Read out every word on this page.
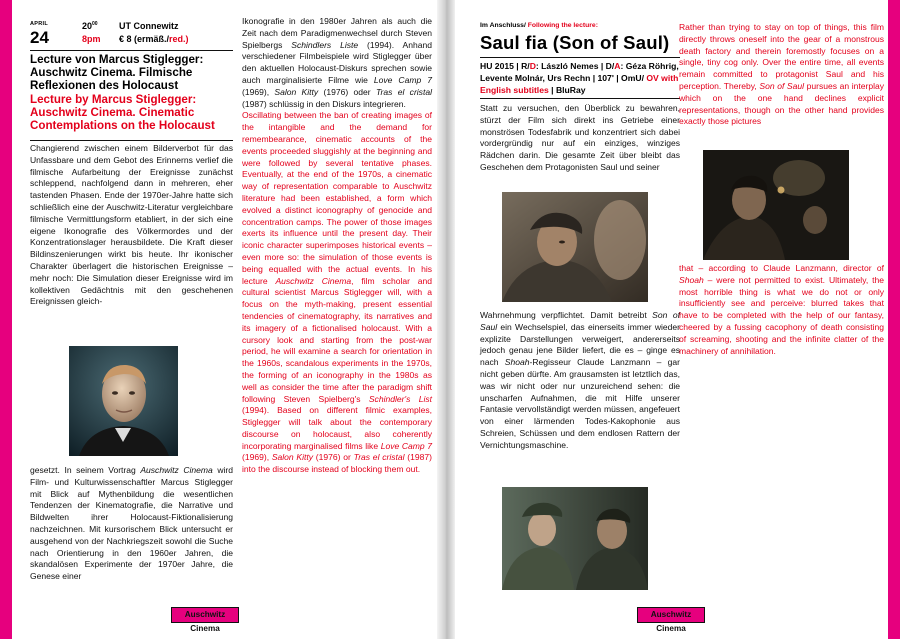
APRIL
24
$20^{00}$
8pm
UT Connewitz
€ 8 (ermäß./red.)
Lecture von Marcus Stiglegger: Auschwitz Cinema. Filmische Reflexionen des Holocaust
Lecture by Marcus Stiglegger: Auschwitz Cinema. Cinematic Contemplations on the Holocaust

Changierend zwischen einem Bilderverbot für das Unfassbare und dem Gebot des Erinnerns verlief die filmische Aufarbeitung der Ereignisse zunächst schleppend, nachfolgend dann in mehreren, eher tastenden Phasen. Ende der 1970er-Jahre hatte sich schließlich eine der Auschwitz-Literatur vergleichbare filmische Vermittlungsform etabliert, in der sich eine eigene Ikonografie des Völkermordes und der Konzentrationslager herausbildete. Die Kraft dieser Bildinszenierungen wirkt bis heute. Ihr ikonischer Charakter überlagert die historischen Ereignisse – mehr noch: Die Simulation dieser Ereignisse wird im kollektiven Gedächtnis mit den geschehenen Ereignissen gleich-

gesetzt. In seinem Vortrag Auschwitz Cinema wird Film- und Kulturwissenschaftler Marcus Stiglegger mit Blick auf Mythenbildung die wesentlichen Tendenzen der Kinematografie, die Narrative und Bildwelten ihrer Holocaust-Fiktionalisierung nachzeichnen. Mit kursorischem Blick untersucht er ausgehend von der Nachkriegszeit sowohl die Suche nach Orientierung in den 1960er Jahren, die skandalösen Experimente der 1970er Jahre, die Genese einer

Ikonografie in den 1980er Jahren als auch die Zeit nach dem Paradigmenwechsel durch Steven Spielbergs Schindlers Liste (1994). Anhand verschiedener Filmbeispiele wird Stiglegger über den aktuellen Holocaust-Diskurs sprechen sowie auch marginalisierte Filme wie Love Camp 7 (1969), Salon Kitty (1976) oder Tras el cristal (1987) schlüssig in den Diskurs integrieren.

Oscillating between the ban of creating images of the intangible and the demand for remembearance, cinematic accounts of the events proceeded sluggishly at the beginning and were followed by several tentative phases. Eventually, at the end of the 1970s, a cinematic way of representation comparable to Auschwitz literature had been established, a form which evolved a distinct iconography of genocide and concentration camps. The power of those images exerts its influence until the present day. Their iconic character superimposes historical events – even more so: the simulation of those events is being equalled with the actual events. In his lecture Auschwitz Cinema, film scholar and cultural scientist Marcus Stiglegger will, with a focus on the myth-making, present essential tendencies of cinematography, its narratives and its imagery of a fictionalised holocaust. With a cursory look and starting from the post-war period, he will examine a search for orientation in the 1960s, scandalous experiments in the 1970s, the forming of an iconography in the 1980s as well as consider the time after the paradigm shift following Steven Spielberg's Schindler's List (1994). Based on different filmic examples, Stiglegger will talk about the contemporary discourse on holocaust, also coherently incorporating marginalised films like Love Camp 7 (1969), Salon Kitty (1976) or Tras el cristal (1987) into the discourse instead of blocking them out.

Auschwitz Cinema
Im Anschluss/ Following the lecture:
Saul fia (Son of Saul)
HU 2015 | R/D: László Nemes | D/A: Géza Röhrig, Levente Molnár, Urs Rechn | 107' | OmU/ OV with English subtitles | BluRay

Statt zu versuchen, den Überblick zu bewahren, stürzt der Film sich direkt ins Getriebe einer monströsen Todesfabrik und konzentriert sich dabei vordergründig nur auf ein einziges, winziges Rädchen darin. Die gesamte Zeit über bleibt das Geschehen dem Protagonisten Saul und seiner

Wahrnehmung verpflichtet. Damit betreibt Son of Saul ein Wechselspiel, das einerseits immer wieder explizite Darstellungen verweigert, andererseits jedoch genau jene Bilder liefert, die es – ginge es nach Shoah-Regisseur Claude Lanzmann – gar nicht geben dürfte. Am grausamsten ist letztlich das, was wir nicht oder nur unzureichend sehen: die unscharfen Aufnahmen, die mit Hilfe unserer Fantasie vervollständigt werden müssen, angefeuert von einer lärmenden Todes-Kakophonie aus Schreien, Schüssen und dem endlosen Rattern der Vernichtungsmaschine.

Rather than trying to stay on top of things, this film directly throws oneself into the gear of a monstrous death factory and therein foremostly focuses on a single, tiny cog only. Over the entire time, all events remain committed to protagonist Saul and his perception. Thereby, Son of Saul pursues an interplay which on the one hand declines explicit representations, though on the other hand provides exactly those pictures

that – according to Claude Lanzmann, director of Shoah – were not permitted to exist. Ultimately, the most horrible thing is what we do not or only insufficiently see and perceive: blurred takes that have to be completed with the help of our fantasy, cheered by a fussing cacophony of death consisting of screaming, shooting and the infinite clatter of the machinery of annihilation.

Auschwitz Cinema
